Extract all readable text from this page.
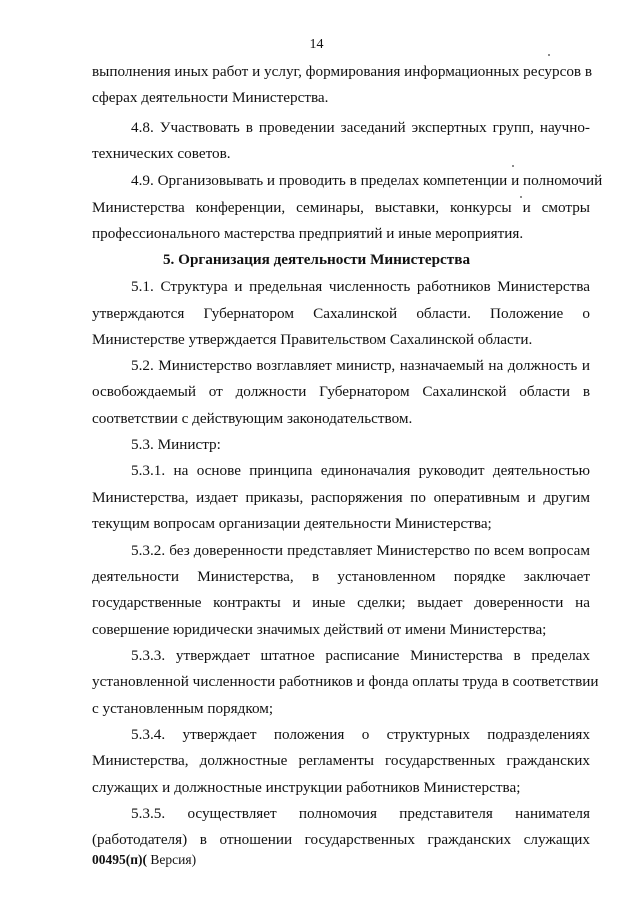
14
выполнения иных работ и услуг, формирования информационных ресурсов в
сферах деятельности Министерства.
4.8. Участвовать в проведении заседаний экспертных групп, научно-
технических советов.
4.9. Организовывать и проводить в пределах компетенции и полномочий
Министерства конференции, семинары, выставки, конкурсы и смотры
профессионального мастерства предприятий и иные мероприятия.
5. Организация деятельности Министерства
5.1. Структура и предельная численность работников Министерства
утверждаются Губернатором Сахалинской области. Положение о
Министерстве утверждается Правительством Сахалинской области.
5.2. Министерство возглавляет министр, назначаемый на должность и
освобождаемый от должности Губернатором Сахалинской области в
соответствии с действующим законодательством.
5.3. Министр:
5.3.1. на основе принципа единоначалия руководит деятельностью
Министерства, издает приказы, распоряжения по оперативным и другим
текущим вопросам организации деятельности Министерства;
5.3.2. без доверенности представляет Министерство по всем вопросам
деятельности Министерства, в установленном порядке заключает
государственные контракты и иные сделки; выдает доверенности на
совершение юридически значимых действий от имени Министерства;
5.3.3. утверждает штатное расписание Министерства в пределах
установленной численности работников и фонда оплаты труда в соответствии
с установленным порядком;
5.3.4. утверждает положения о структурных подразделениях
Министерства, должностные регламенты государственных гражданских
служащих и должностные инструкции работников Министерства;
5.3.5. осуществляет полномочия представителя нанимателя
(работодателя) в отношении государственных гражданских служащих
00495(п)( Версия)
